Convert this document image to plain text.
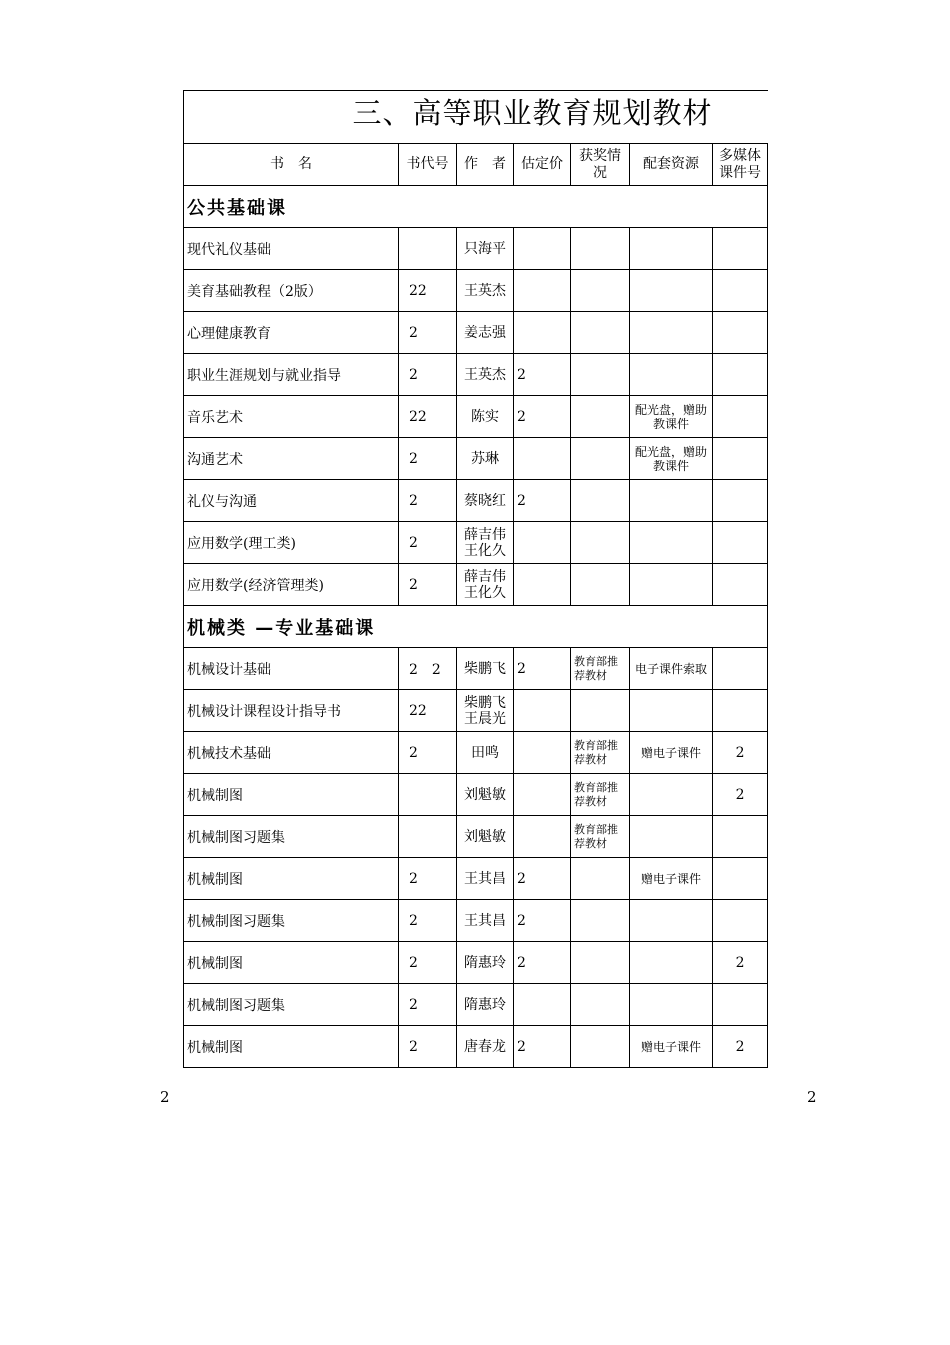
三、高等职业教育规划教材						
书　名	书代号	作　者	估定价	获奖情况	配套资源	多媒体课件号
公共基础课						
现代礼仪基础		只海平				
美育基础教程（2版）	22	王英杰				
心理健康教育	2	姜志强				
职业生涯规划与就业指导	2	王英杰	2			
音乐艺术	22	陈实	2		配光盘，赠助教课件	
沟通艺术	2	苏琳			配光盘，赠助教课件	
礼仪与沟通	2	蔡晓红	2			
应用数学(理工类)	2	薛吉伟 王化久				
应用数学(经济管理类)	2	薛吉伟 王化久				
机械类 —专业基础课						
机械设计基础	2　2	柴鹏飞	2	教育部推荐教材	电子课件索取	
机械设计课程设计指导书	22	柴鹏飞 王晨光				
机械技术基础	2	田鸣		教育部推荐教材	赠电子课件	2
机械制图		刘魁敏		教育部推荐教材		2
机械制图习题集		刘魁敏		教育部推荐教材		
机械制图	2	王其昌	2		赠电子课件	
机械制图习题集	2	王其昌	2			
机械制图	2	隋惠玲	2			2
机械制图习题集	2	隋惠玲				
机械制图	2	唐春龙	2		赠电子课件	2
2	2
